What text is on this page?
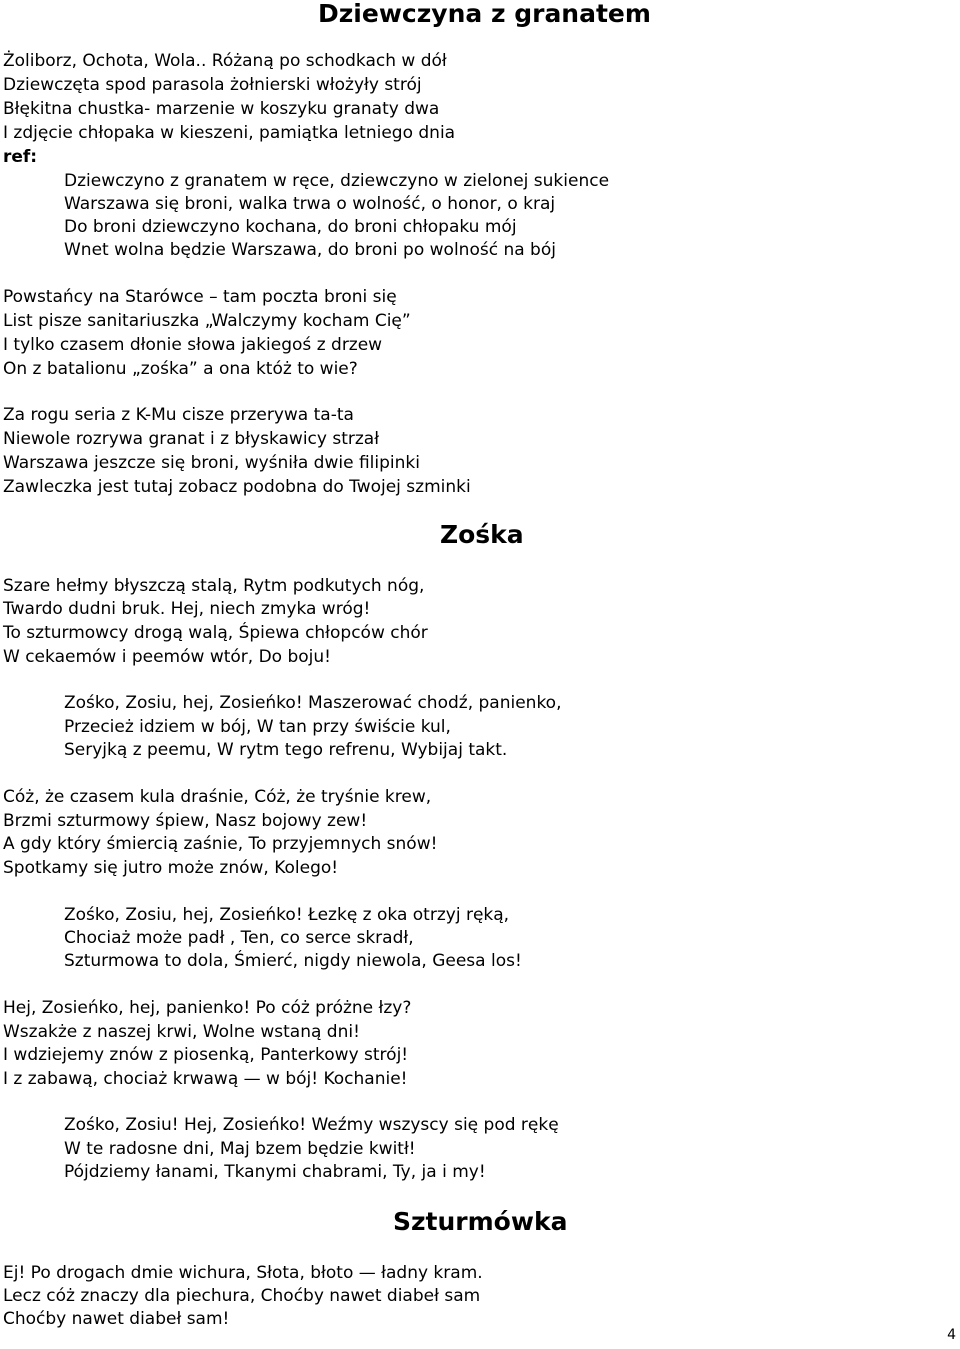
Dziewczyna z granatem
Żoliborz, Ochota, Wola.. Różaną po schodkach w dół
Dziewczęta spod parasola żołnierski włożyły strój
Błękitna chustka- marzenie w koszyku granaty dwa
I zdjęcie chłopaka w kieszeni, pamiątka letniego dnia
ref:
Dziewczyno z granatem w ręce, dziewczyno w zielonej sukience
Warszawa się broni, walka trwa o wolność, o honor, o kraj
Do broni dziewczyno kochana, do broni chłopaku mój
Wnet wolna będzie Warszawa, do broni po wolność na bój
Powstańcy na Starówce – tam poczta broni się
List pisze sanitariuszka „Walczymy kocham Cię”
I tylko czasem dłonie słowa jakiegoś z drzew
On z batalionu „zośka” a ona któż to wie?
Za rogu seria z K-Mu cisze przerywa ta-ta
Niewole rozrywa granat i z błyskawicy strzał
Warszawa jeszcze się broni, wyśniła dwie filipinki
Zawleczka jest tutaj zobacz podobna do Twojej szminki
Zośka
Szare hełmy błyszczą stalą, Rytm podkutych nóg,
Twardo dudni bruk. Hej, niech zmyka wróg!
To szturmowcy drogą walą, Śpiewa chłopców chór
W cekaemów i peemów wtór, Do boju!
Zośko, Zosiu, hej, Zosieńko! Maszerować chodź, panienko,
Przecież idziem w bój, W tan przy świście kul,
Seryjką z peemu, W rytm tego refrenu, Wybijaj takt.
Cóż, że czasem kula draśnie, Cóż, że tryśnie krew,
Brzmi szturmowy śpiew, Nasz bojowy zew!
A gdy który śmiercią zaśnie, To przyjemnych snów!
Spotkamy się jutro może znów, Kolego!
Zośko, Zosiu, hej, Zosieńko! Łezkę z oka otrzyj ręką,
Chociaż może padł , Ten, co serce skradł,
Szturmowa to dola, Śmierć, nigdy niewola, Geesa los!
Hej, Zosieńko, hej, panienko! Po cóż próżne łzy?
Wszakże z naszej krwi, Wolne wstaną dni!
I wdziejemy znów z piosenką, Panterkowy strój!
I z zabawą, chociaż krwawą — w bój! Kochanie!
Zośko, Zosiu! Hej, Zosieńko! Weźmy wszyscy się pod rękę
W te radosne dni, Maj bzem będzie kwitł!
Pójdziemy łanami, Tkanymi chabrami, Ty, ja i my!
Szturmówka
Ej! Po drogach dmie wichura, Słota, błoto — ładny kram.
Lecz cóż znaczy dla piechura, Choćby nawet diabeł sam
Choćby nawet diabeł sam!
4
